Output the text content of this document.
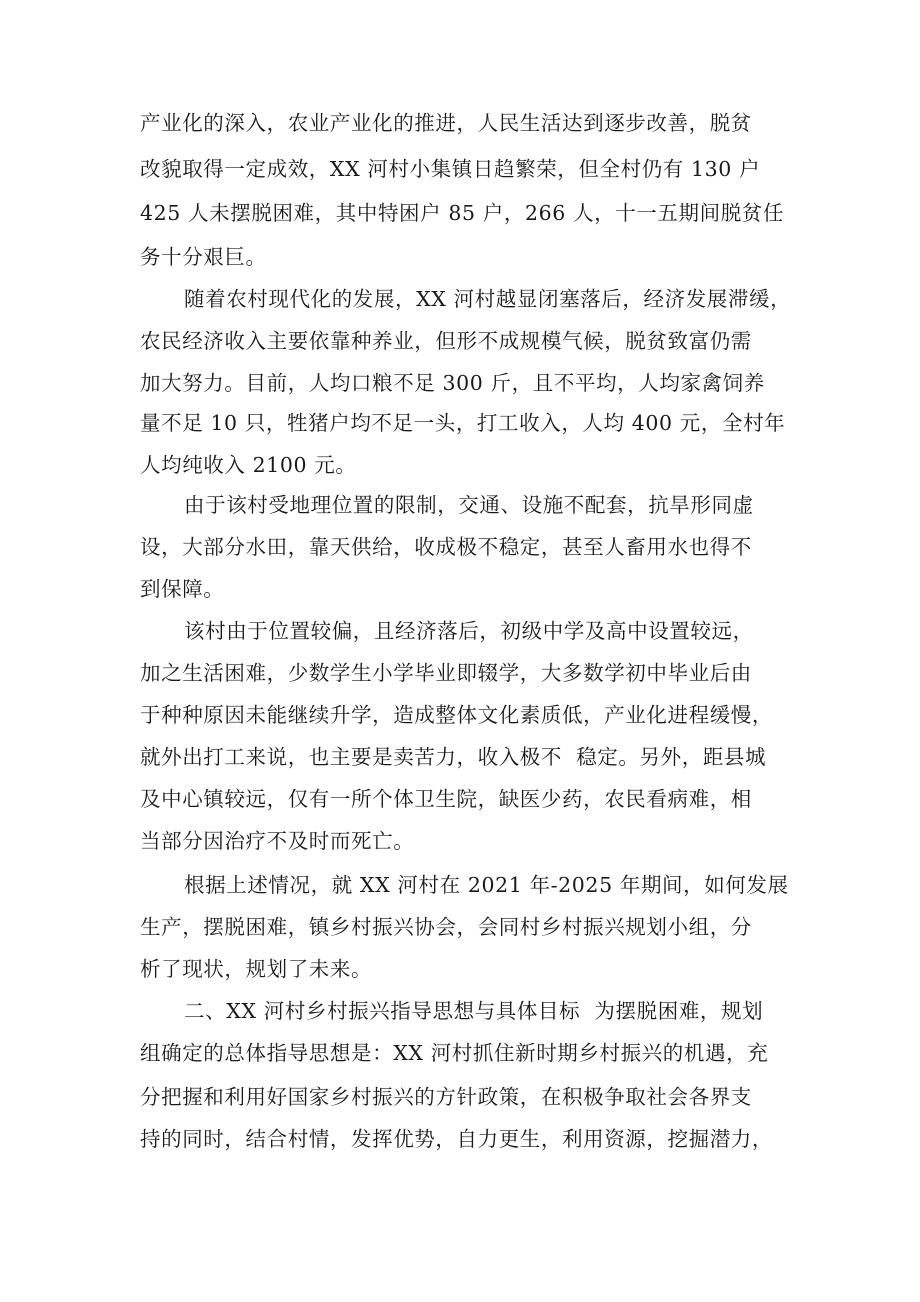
产业化的深入，农业产业化的推进，人民生活达到逐步改善，脱贫
改貌取得一定成效，XX 河村小集镇日趋繁荣，但全村仍有 130 户
425 人未摆脱困难，其中特困户 85 户，266 人，十一五期间脱贫任
务十分艰巨。
随着农村现代化的发展，XX 河村越显闭塞落后，经济发展滞缓，
农民经济收入主要依靠种养业，但形不成规模气候，脱贫致富仍需
加大努力。目前，人均口粮不足 300 斤，且不平均，人均家禽饲养
量不足 10 只，牲猪户均不足一头，打工收入，人均 400 元，全村年
人均纯收入 2100 元。
由于该村受地理位置的限制，交通、设施不配套，抗旱形同虚
设，大部分水田，靠天供给，收成极不稳定，甚至人畜用水也得不
到保障。
该村由于位置较偏，且经济落后，初级中学及高中设置较远，
加之生活困难，少数学生小学毕业即辍学，大多数学初中毕业后由
于种种原因未能继续升学，造成整体文化素质低，产业化进程缓慢，
就外出打工来说，也主要是卖苦力，收入极不  稳定。另外，距县城
及中心镇较远，仅有一所个体卫生院，缺医少药，农民看病难，相
当部分因治疗不及时而死亡。
根据上述情况，就 XX 河村在 2021 年-2025 年期间，如何发展
生产，摆脱困难，镇乡村振兴协会，会同村乡村振兴规划小组，分
析了现状，规划了未来。
二、XX 河村乡村振兴指导思想与具体目标  为摆脱困难，规划
组确定的总体指导思想是：XX 河村抓住新时期乡村振兴的机遇，充
分把握和利用好国家乡村振兴的方针政策，在积极争取社会各界支
持的同时，结合村情，发挥优势，自力更生，利用资源，挖掘潜力，
